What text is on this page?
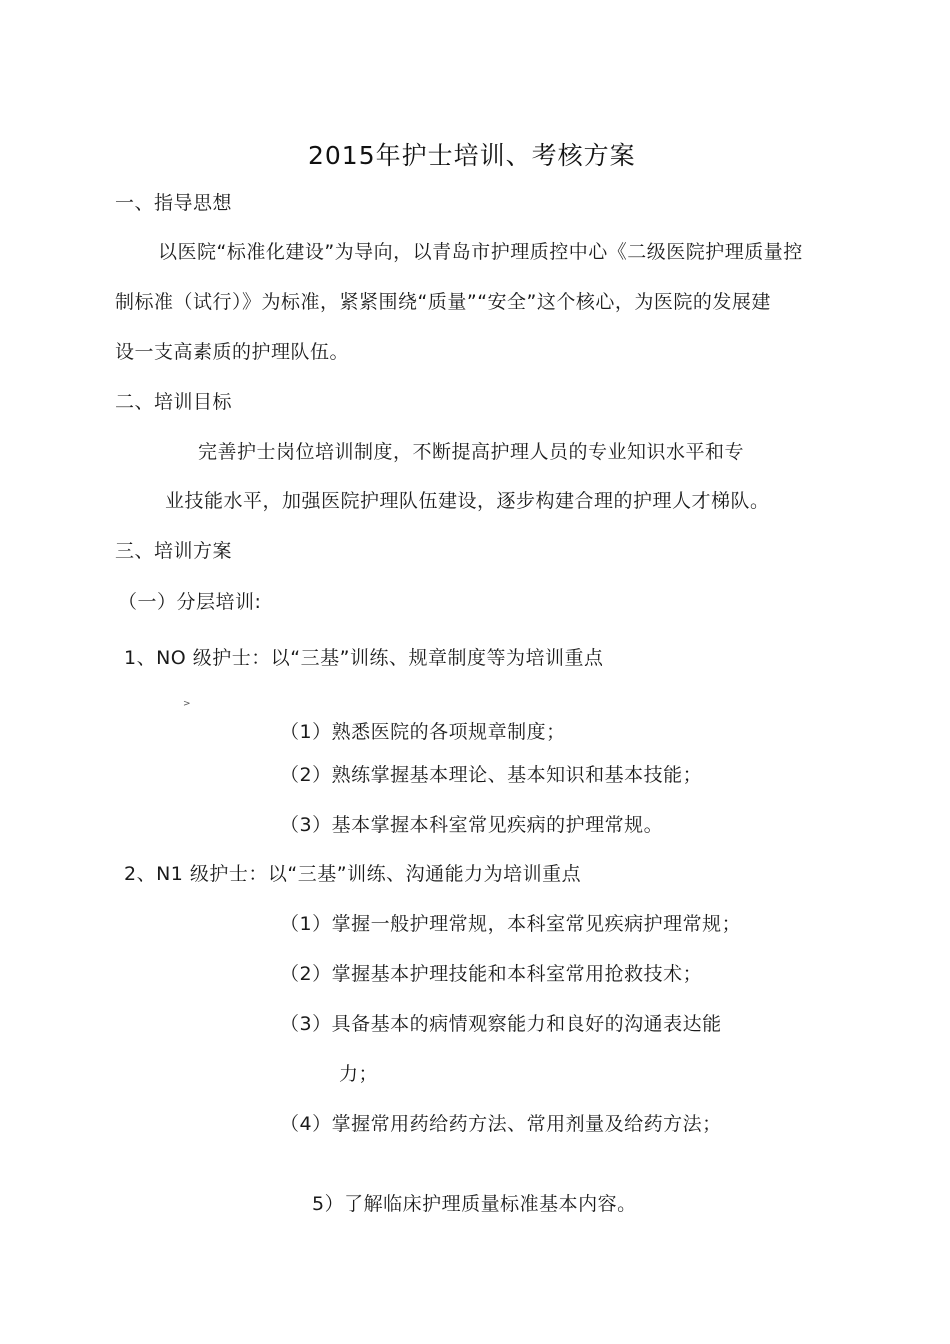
2015年护士培训、考核方案
一、指导思想
以医院“标准化建设”为导向，以青岛市护理质控中心《二级医院护理质量控
制标准（试行）》为标准，紧紧围绕“质量”“安全”这个核心，为医院的发展建
设一支高素质的护理队伍。
二、培训目标
完善护士岗位培训制度，不断提高护理人员的专业知识水平和专
业技能水平，加强医院护理队伍建设，逐步构建合理的护理人才梯队。
三、培训方案
（一）分层培训:
1、NO 级护士：以“三基”训练、规章制度等为培训重点
>
（1）熟悉医院的各项规章制度；
（2）熟练掌握基本理论、基本知识和基本技能；
（3）基本掌握本科室常见疾病的护理常规。
2、N1 级护士：以“三基”训练、沟通能力为培训重点
（1）掌握一般护理常规，本科室常见疾病护理常规；
（2）掌握基本护理技能和本科室常用抢救技术；
（3）具备基本的病情观察能力和良好的沟通表达能
力；
（4）掌握常用药给药方法、常用剂量及给药方法；
5）了解临床护理质量标准基本内容。
